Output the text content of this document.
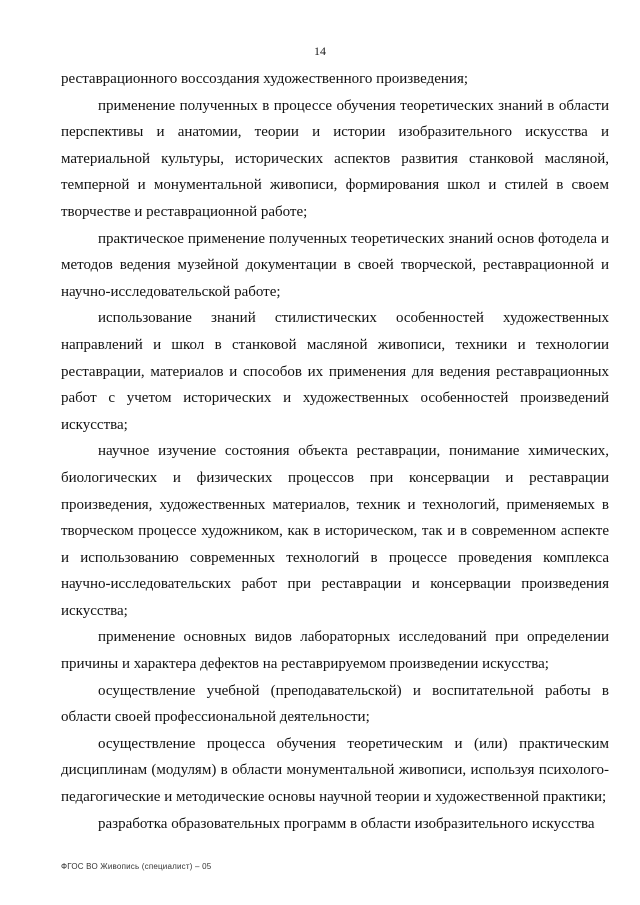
14

реставрационного воссоздания художественного произведения;

применение полученных в процессе обучения теоретических знаний в области перспективы и анатомии, теории и истории изобразительного искусства и материальной культуры, исторических аспектов развития станковой масляной, темперной и монументальной живописи, формирования школ и стилей в своем творчестве и реставрационной работе;

практическое применение полученных теоретических знаний основ фотодела и методов ведения музейной документации в своей творческой, реставрационной и научно-исследовательской работе;

использование знаний стилистических особенностей художественных направлений и школ в станковой масляной живописи, техники и технологии реставрации, материалов и способов их применения для ведения реставрационных работ с учетом исторических и художественных особенностей произведений искусства;

научное изучение состояния объекта реставрации, понимание химических, биологических и физических процессов при консервации и реставрации произведения, художественных материалов, техник и технологий, применяемых в творческом процессе художником, как в историческом, так и в современном аспекте и использованию современных технологий в процессе проведения комплекса научно-исследовательских работ при реставрации и консервации произведения искусства;

применение основных видов лабораторных исследований при определении причины и характера дефектов на реставрируемом произведении искусства;

осуществление учебной (преподавательской) и воспитательной работы в области своей профессиональной деятельности;

осуществление процесса обучения теоретическим и (или) практическим дисциплинам (модулям) в области монументальной живописи, используя психолого-педагогические и методические основы научной теории и художественной практики;

разработка образовательных программ в области изобразительного искусства

ФГОС ВО Живопись (специалист) – 05
